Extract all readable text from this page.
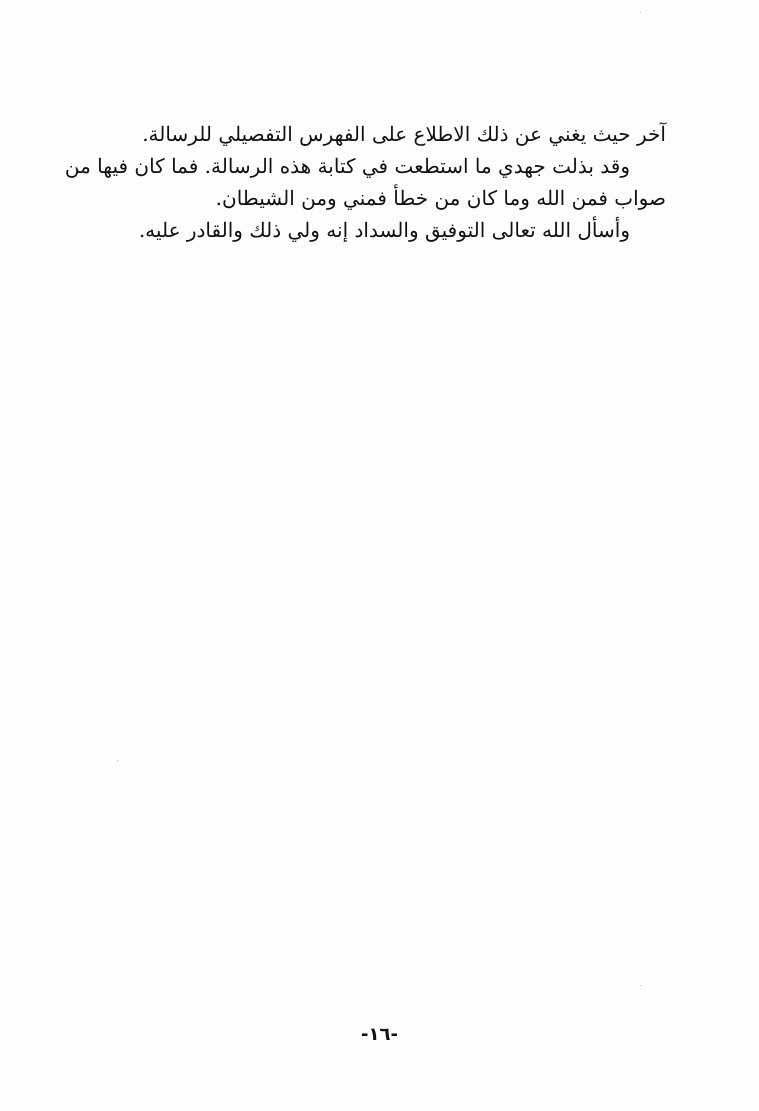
آخر حيث يغني عن ذلك الاطلاع على الفهرس التفصيلي للرسالة.
وقد بذلت جهدي ما استطعت في كتابة هذه الرسالة. فما كان فيها من
صواب فمن الله وما كان من خطأ فمني ومن الشيطان.
وأسأل الله تعالى التوفيق والسداد إنه ولي ذلك والقادر عليه.
-١٦-
